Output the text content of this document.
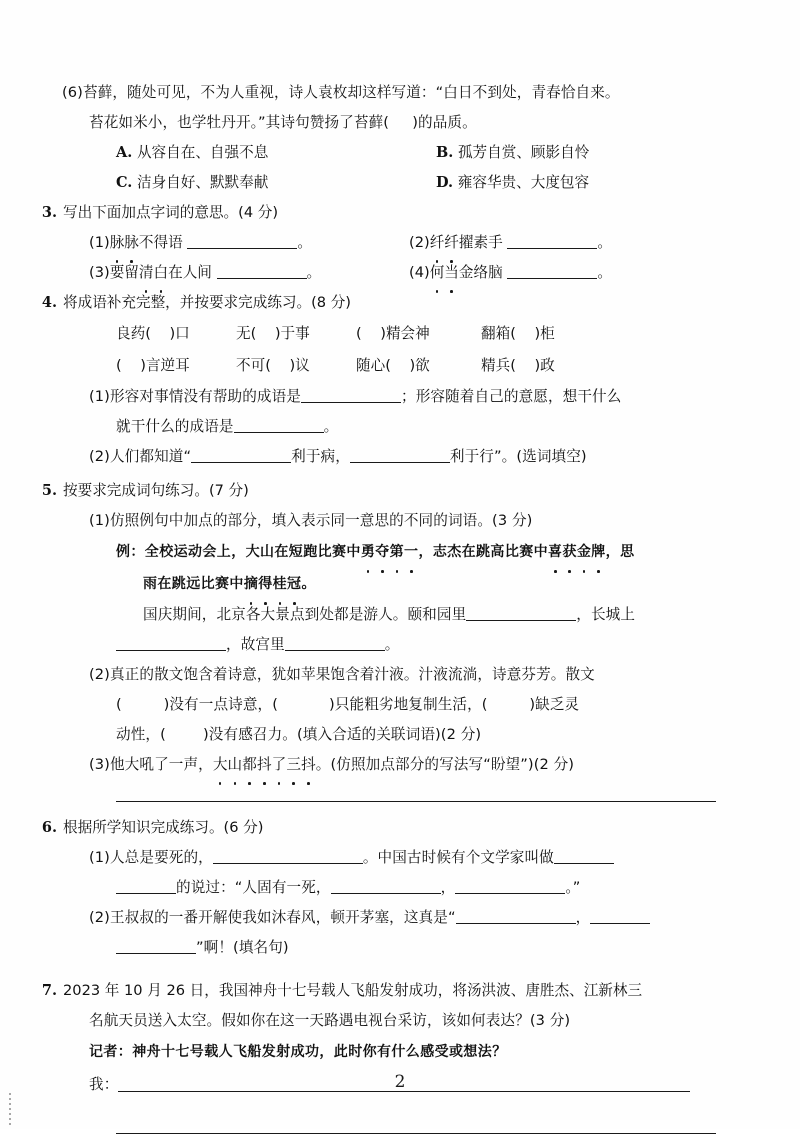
(6)苔藓，随处可见，不为人重视，诗人袁枚却这样写道：“白日不到处，青春恰自来。
苔花如米小，也学牡丹开。”其诗句赞扬了苔藓( )的品质。
A. 从容自在、自强不息	B. 孤芳自赏、顾影自怜
C. 洁身自好、默默奉献	D. 雍容华贵、大度包容
3. 写出下面加点字词的意思。(4 分)
(1)脉脉不得语	。	(2)纤纤擢素手	。
(3)要留清白在人间	。	(4)何当金络脑	。
4. 将成语补充完整，并按要求完成练习。(8 分)
良药( )口	无( )于事	( )精会神	翻箱( )柜
( )言逆耳	不可( )议	随心( )欲	精兵( )政
(1)形容对事情没有帮助的成语是	；形容随着自己的意愿，想干什么
就干什么的成语是	。
(2)人们都知道“	利于病，	利于行”。(选词填空)
5. 按要求完成词句练习。(7 分)
(1)仿照例句中加点的部分，填入表示同一意思的不同的词语。(3 分)
例：全校运动会上，大山在短跑比赛中勇夺第一，志杰在跳高比赛中喜获金牌，思
雨在跳远比赛中摘得桂冠。
国庆期间，北京各大景点到处都是游人。颐和园里	，长城上
，故宫里	。
(2)真正的散文饱含着诗意，犹如苹果饱含着汁液。汁液流淌，诗意芬芳。散文
(	)没有一点诗意，(	)只能粗劣地复制生活，(	)缺乏灵
动性，(	)没有感召力。(填入合适的关联词语)(2 分)
(3)他大吼了一声，大山都抖了三抖。(仿照加点部分的写法写“盼望”)(2 分)
6. 根据所学知识完成练习。(6 分)
(1)人总是要死的，	。中国古时候有个文学家叫做
的说过：“人固有一死，	，	。”
(2)王叔叔的一番开解使我如沐春风，顿开茅塞，这真是“	，
”啊！(填名句)
7. 2023 年 10 月 26 日，我国神舟十七号载人飞船发射成功，将汤洪波、唐胜杰、江新林三
名航天员送入太空。假如你在这一天路遇电视台采访，该如何表达？(3 分)
记者：神舟十七号载人飞船发射成功，此时你有什么感受或想法？
我：	2
